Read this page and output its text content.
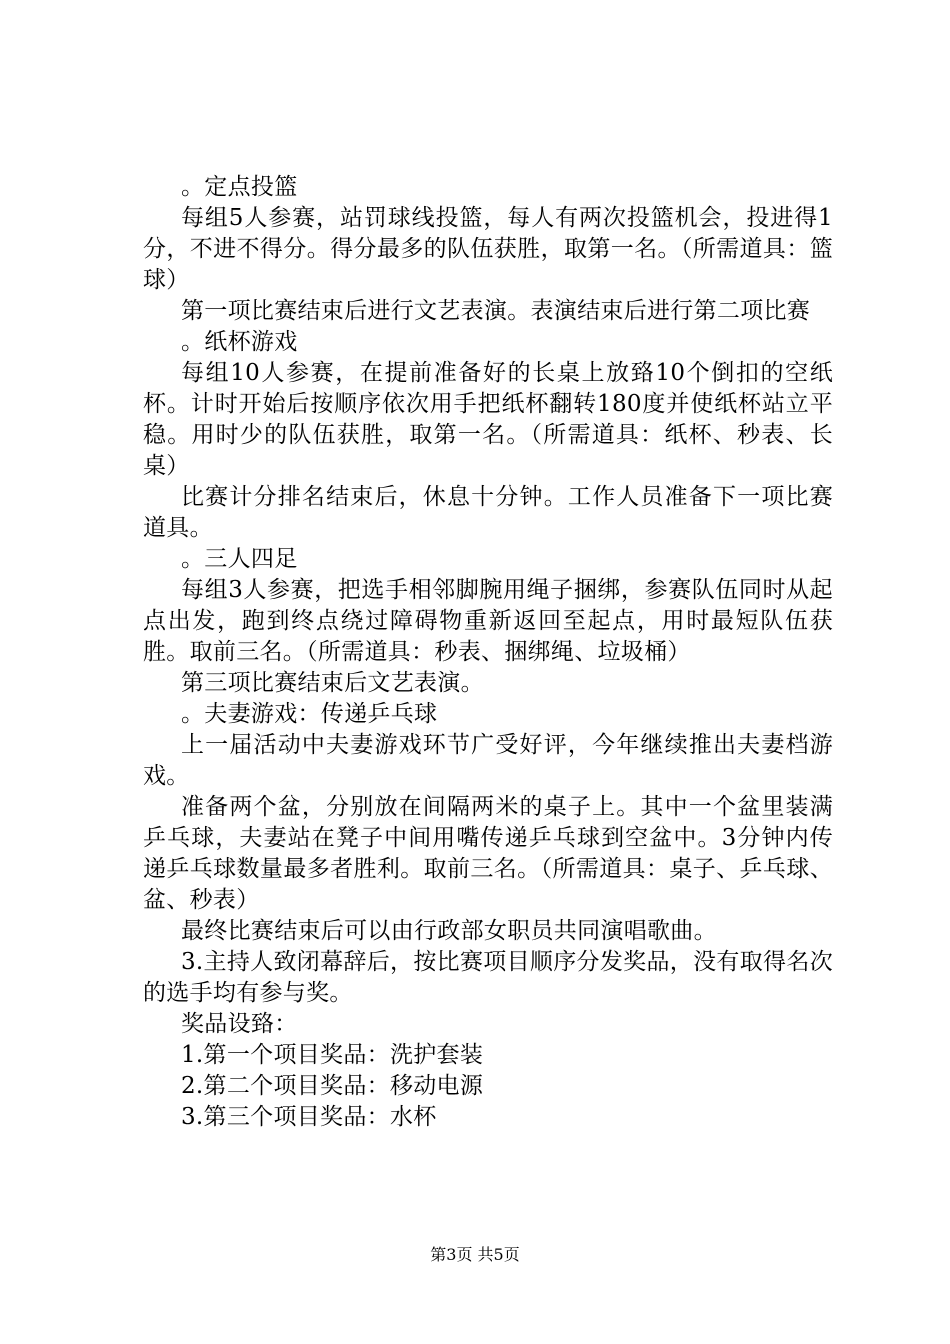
。定点投篮

每组5人参赛，站罚球线投篮，每人有两次投篮机会，投进得1分，不进不得分。得分最多的队伍获胜，取第一名。（所需道具：篮球）

第一项比赛结束后进行文艺表演。表演结束后进行第二项比赛

。纸杯游戏

每组10人参赛，在提前准备好的长桌上放臵10个倒扣的空纸杯。计时开始后按顺序依次用手把纸杯翻转180度并使纸杯站立平稳。用时少的队伍获胜，取第一名。（所需道具：纸杯、秒表、长桌）

比赛计分排名结束后，休息十分钟。工作人员准备下一项比赛道具。

。三人四足

每组3人参赛，把选手相邻脚腕用绳子捆绑，参赛队伍同时从起点出发，跑到终点绕过障碍物重新返回至起点，用时最短队伍获胜。取前三名。（所需道具：秒表、捆绑绳、垃圾桶）

第三项比赛结束后文艺表演。

。夫妻游戏：传递乒乓球

上一届活动中夫妻游戏环节广受好评，今年继续推出夫妻档游戏。

准备两个盆，分别放在间隔两米的桌子上。其中一个盆里装满乒乓球，夫妻站在凳子中间用嘴传递乒乓球到空盆中。3分钟内传递乒乓球数量最多者胜利。取前三名。（所需道具：桌子、乒乓球、盆、秒表）

最终比赛结束后可以由行政部女职员共同演唱歌曲。

3.主持人致闭幕辞后，按比赛项目顺序分发奖品，没有取得名次的选手均有参与奖。

奖品设臵：

1.第一个项目奖品：洗护套装

2.第二个项目奖品：移动电源

3.第三个项目奖品：水杯

第3页 共5页
